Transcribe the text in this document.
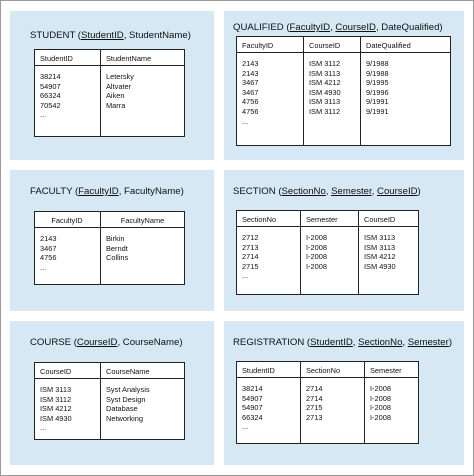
STUDENT (StudentID, StudentName)
StudentID
38214
54907
66324
70542
...
StudentName
Letersky
Altvater
Aiken
Marra
QUALIFIED (FacultyID, CourseID, DateQualified)
FacultyID
2143
2143
3467
3467
4756
4756
...
CourseID
ISM 3112
ISM 3113
ISM 4212
ISM 4930
ISM 3113
ISM 3112
DateQualified
9/1988
9/1988
9/1995
9/1996
9/1991
9/1991
FACULTY (FacultyID, FacultyName)
FacultyID
2143
3467
4756
...
FacultyName
Birkin
Berndt
Collins
SECTION (SectionNo, Semester, CourseID)
SectionNo
2712
2713
2714
2715
...
Semester
I-2008
I-2008
I-2008
I-2008
CourseID
ISM 3113
ISM 3113
ISM 4212
ISM 4930
COURSE (CourseID, CourseName)
CourseID
ISM 3113
ISM 3112
ISM 4212
ISM 4930
...
CourseName
Syst Analysis
Syst Design
Database
Networking
REGISTRATION (StudentID, SectionNo, Semester)
StudentID
38214
54907
54907
66324
...
SectionNo
2714
2714
2715
2713
Semester
I-2008
I-2008
I-2008
I-2008
